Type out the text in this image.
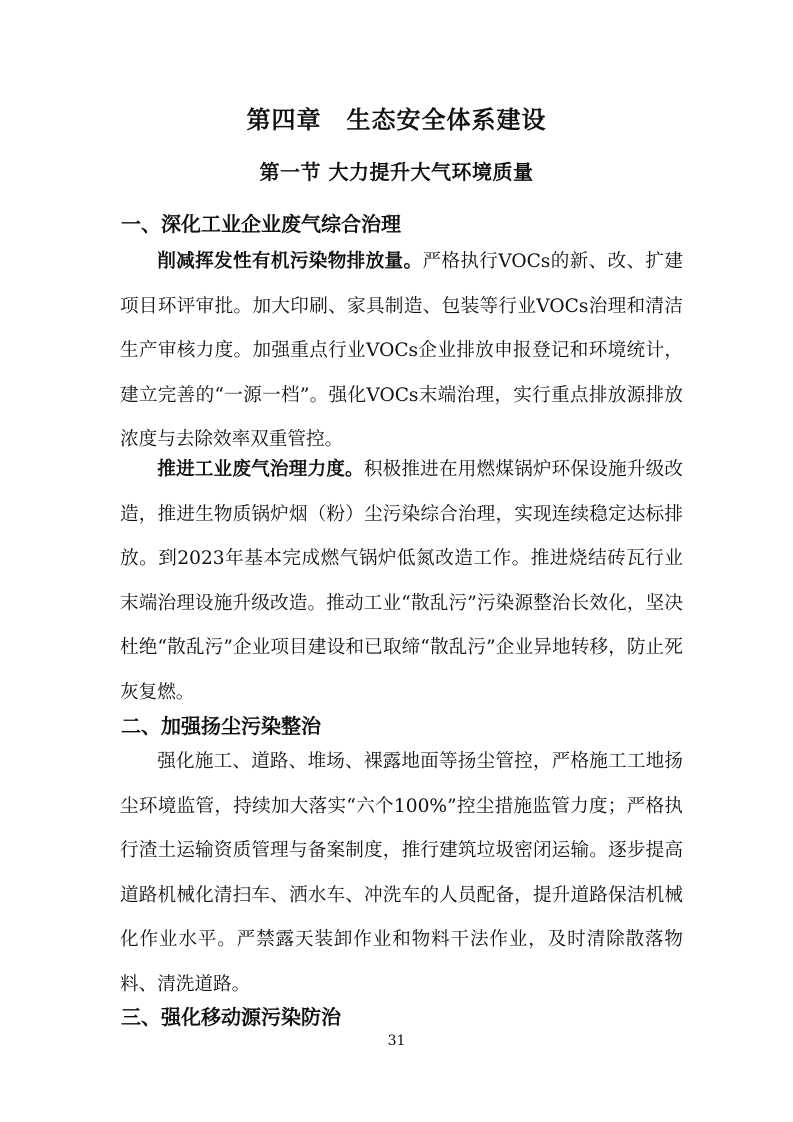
第四章　生态安全体系建设
第一节 大力提升大气环境质量
一、深化工业企业废气综合治理

削减挥发性有机污染物排放量。严格执行VOCs的新、改、扩建项目环评审批。加大印刷、家具制造、包装等行业VOCs治理和清洁生产审核力度。加强重点行业VOCs企业排放申报登记和环境统计，建立完善的“一源一档”。强化VOCs末端治理，实行重点排放源排放浓度与去除效率双重管控。

推进工业废气治理力度。积极推进在用燃煤锅炉环保设施升级改造，推进生物质锅炉烟（粉）尘污染综合治理，实现连续稳定达标排放。到2023年基本完成燃气锅炉低氮改造工作。推进烧结砖瓦行业末端治理设施升级改造。推动工业“散乱污”污染源整治长效化，坚决杜绝“散乱污”企业项目建设和已取缔“散乱污”企业异地转移，防止死灰复燃。

二、加强扬尘污染整治

强化施工、道路、堆场、裸露地面等扬尘管控，严格施工工地扬尘环境监管，持续加大落实“六个100%”控尘措施监管力度；严格执行渣土运输资质管理与备案制度，推行建筑垃圾密闭运输。逐步提高道路机械化清扫车、洒水车、冲洗车的人员配备，提升道路保洁机械化作业水平。严禁露天装卸作业和物料干法作业，及时清除散落物料、清洗道路。

三、强化移动源污染防治
31
